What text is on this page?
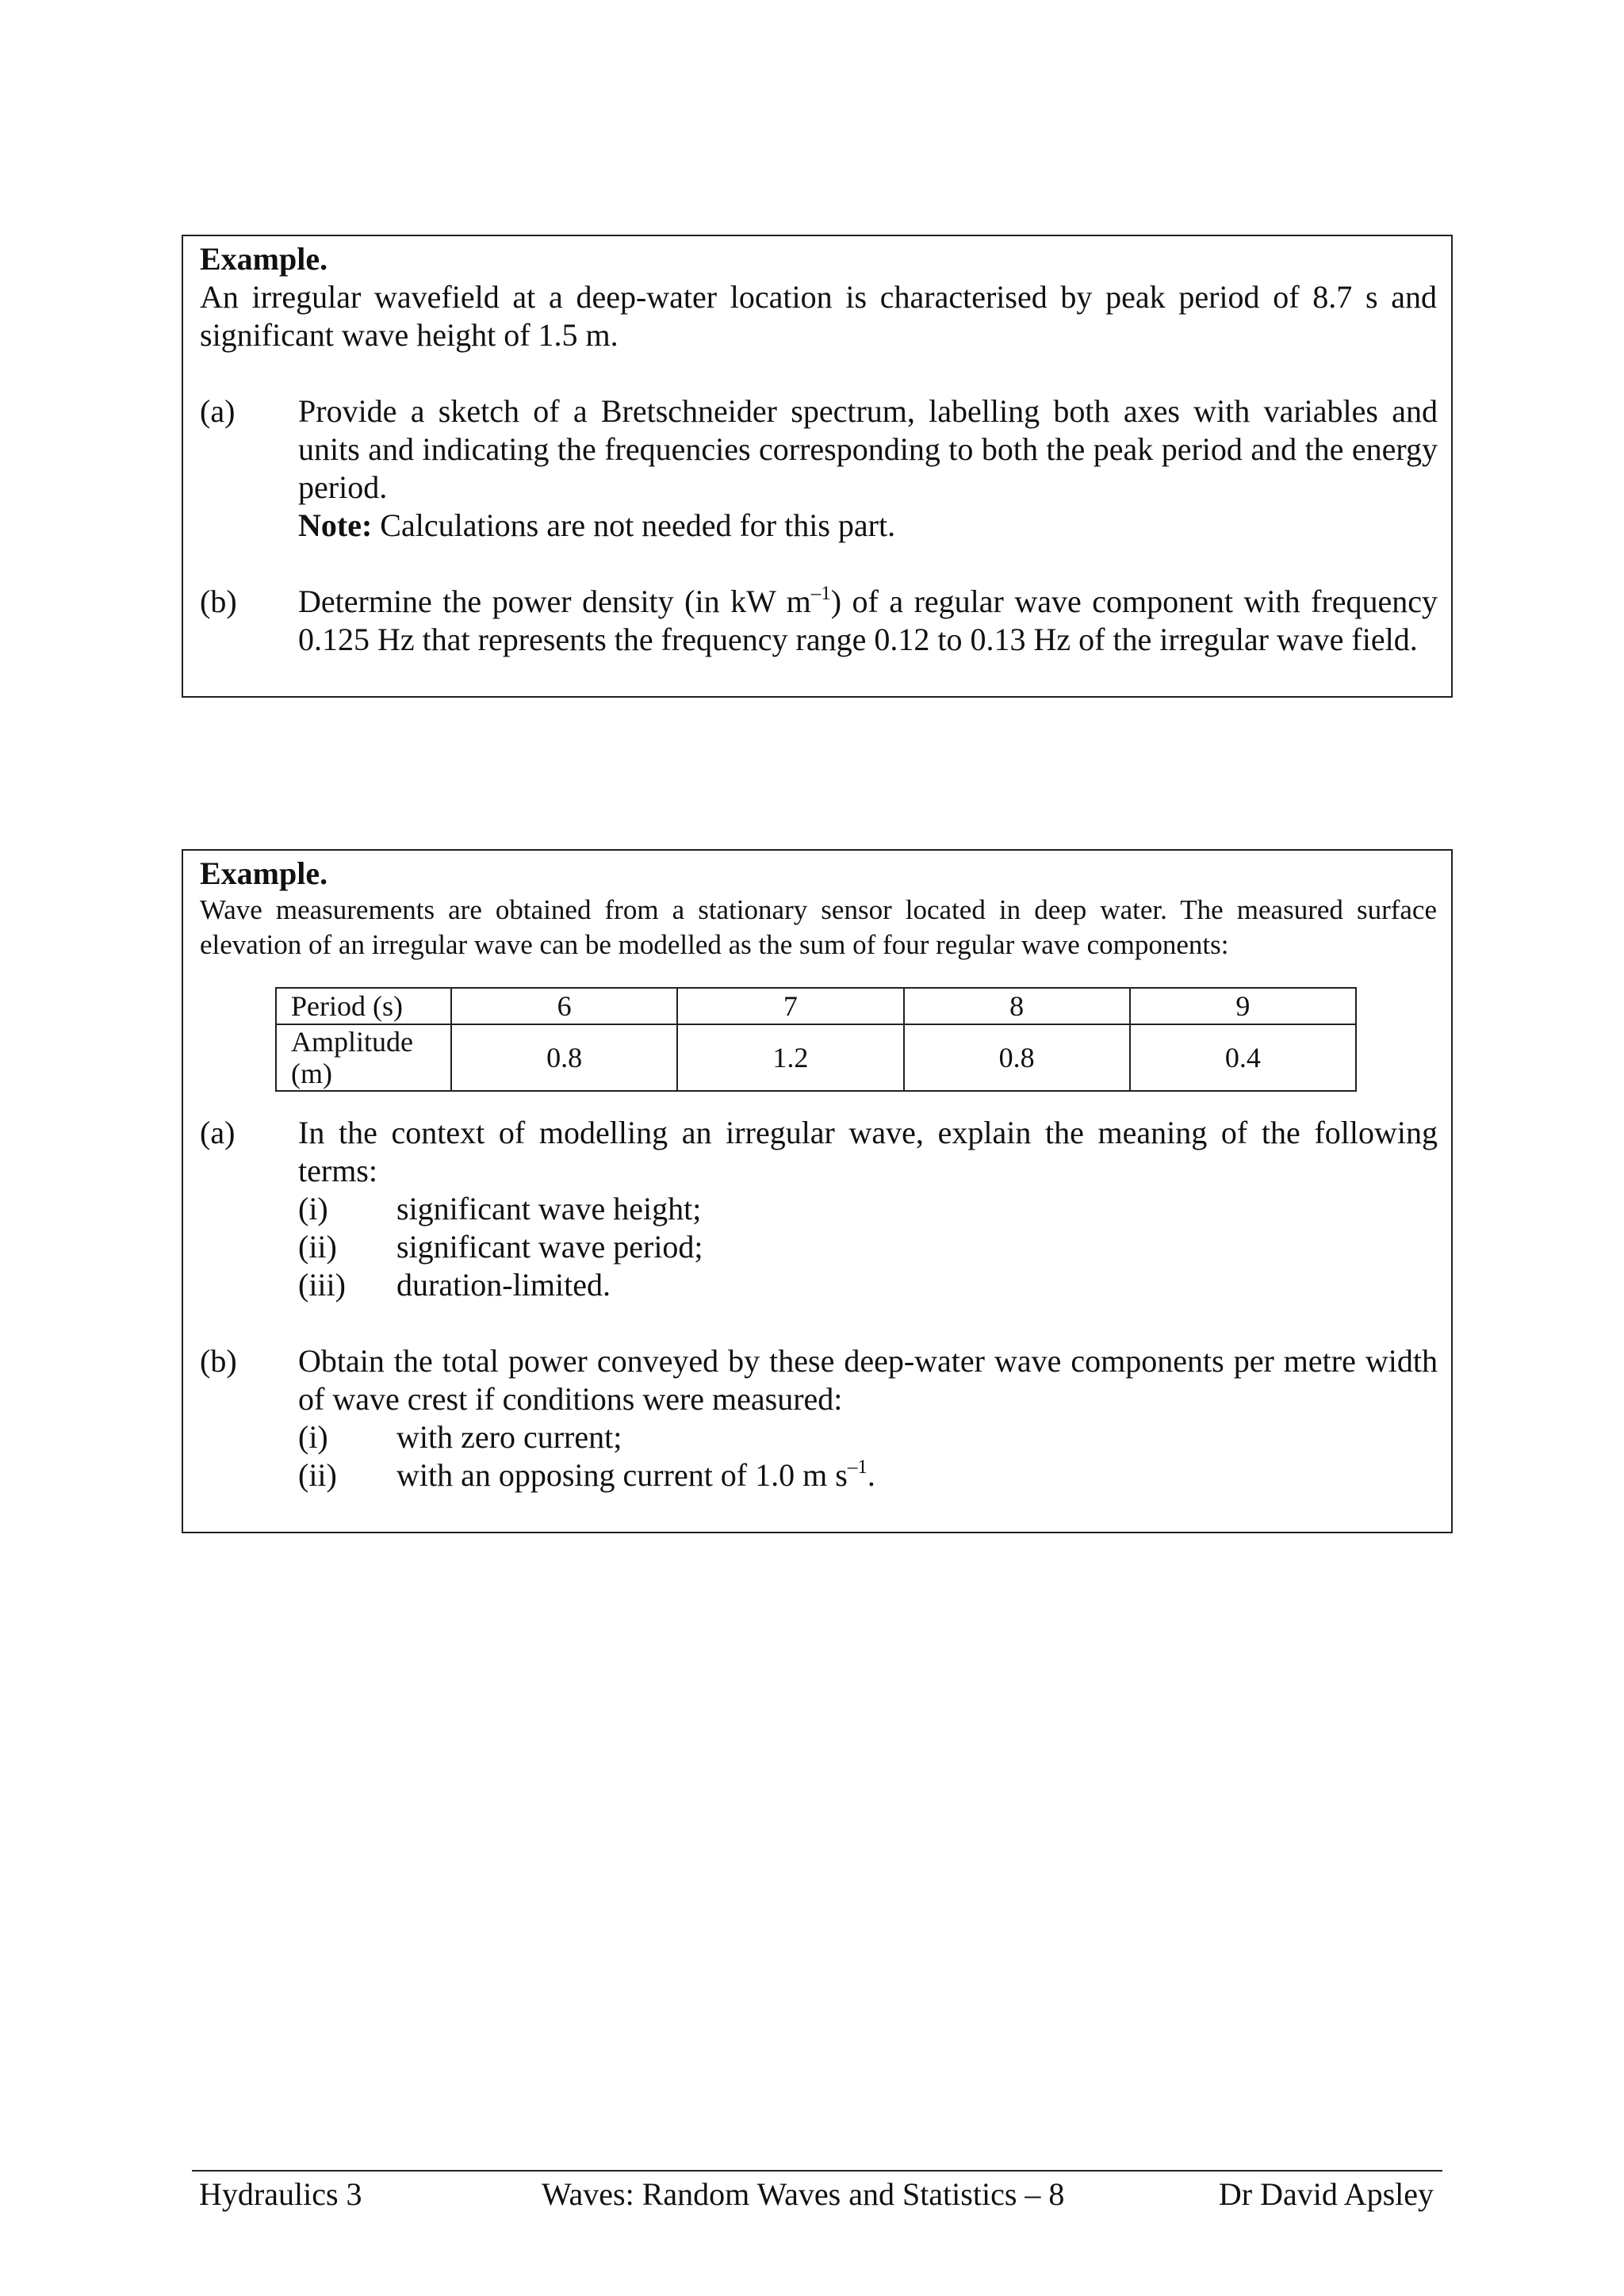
Example.
An irregular wavefield at a deep-water location is characterised by peak period of 8.7 s and significant wave height of 1.5 m.
(a) Provide a sketch of a Bretschneider spectrum, labelling both axes with variables and units and indicating the frequencies corresponding to both the peak period and the energy period.
Note: Calculations are not needed for this part.
(b) Determine the power density (in kW $m^{-1}$) of a regular wave component with frequency 0.125 Hz that represents the frequency range 0.12 to 0.13 Hz of the irregular wave field.
Example.
Wave measurements are obtained from a stationary sensor located in deep water. The measured surface elevation of an irregular wave can be modelled as the sum of four regular wave components:
Period (s)	6	7	8	9
Amplitude (m)	0.8	1.2	0.8	0.4
(a) In the context of modelling an irregular wave, explain the meaning of the following terms:
(i) significant wave height;
(ii) significant wave period;
(iii) duration-limited.
(b) Obtain the total power conveyed by these deep-water wave components per metre width of wave crest if conditions were measured:
(i) with zero current;
(ii) with an opposing current of 1.0 m $s^{-1}$.
Hydraulics 3	Waves: Random Waves and Statistics – 8	Dr David Apsley
